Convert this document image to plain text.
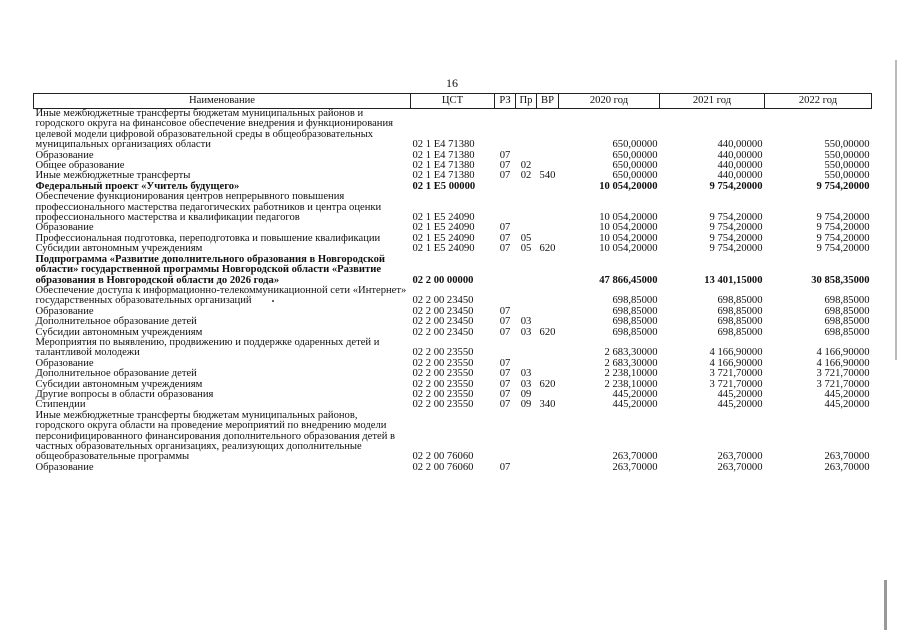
16
Наименование	ЦСТ	РЗ	Пр	ВР	2020 год	2021 год	2022 год
Иные межбюджетные трансферты бюджетам муниципальных районов и городского округа на финансовое обеспечение внедрения и функционирования целевой модели цифровой образовательной среды в общеобразовательных муниципальных организациях области	02 1 E4 71380				650,00000	440,00000	550,00000
Образование	02 1 E4 71380	07			650,00000	440,00000	550,00000
Общее образование	02 1 E4 71380	07	02		650,00000	440,00000	550,00000
Иные межбюджетные трансферты	02 1 E4 71380	07	02	540	650,00000	440,00000	550,00000
Федеральный проект «Учитель будущего»	02 1 E5 00000				10 054,20000	9 754,20000	9 754,20000
Обеспечение функционирования центров непрерывного повышения профессионального мастерства педагогических работников и центра оценки профессионального мастерства и квалификации педагогов	02 1 E5 24090				10 054,20000	9 754,20000	9 754,20000
Образование	02 1 E5 24090	07			10 054,20000	9 754,20000	9 754,20000
Профессиональная подготовка, переподготовка и повышение квалификации	02 1 E5 24090	07	05		10 054,20000	9 754,20000	9 754,20000
Субсидии автономным учреждениям	02 1 E5 24090	07	05	620	10 054,20000	9 754,20000	9 754,20000
Подпрограмма «Развитие дополнительного образования в Новгородской области» государственной программы Новгородской области «Развитие образования в Новгородской области до 2026 года»	02 2 00 00000				47 866,45000	13 401,15000	30 858,35000
Обеспечение доступа к информационно-телекоммуникационной сети «Интернет» государственных образовательных организаций	02 2 00 23450				698,85000	698,85000	698,85000
Образование	02 2 00 23450	07			698,85000	698,85000	698,85000
Дополнительное образование детей	02 2 00 23450	07	03		698,85000	698,85000	698,85000
Субсидии автономным учреждениям	02 2 00 23450	07	03	620	698,85000	698,85000	698,85000
Мероприятия по выявлению, продвижению и поддержке одаренных детей и талантливой молодежи	02 2 00 23550				2 683,30000	4 166,90000	4 166,90000
Образование	02 2 00 23550	07			2 683,30000	4 166,90000	4 166,90000
Дополнительное образование детей	02 2 00 23550	07	03		2 238,10000	3 721,70000	3 721,70000
Субсидии автономным учреждениям	02 2 00 23550	07	03	620	2 238,10000	3 721,70000	3 721,70000
Другие вопросы в области образования	02 2 00 23550	07	09		445,20000	445,20000	445,20000
Стипендии	02 2 00 23550	07	09	340	445,20000	445,20000	445,20000
Иные межбюджетные трансферты бюджетам муниципальных районов, городского округа области на проведение мероприятий по внедрению модели персонифицированного финансирования дополнительного образования детей в частных образовательных организациях, реализующих дополнительные общеобразовательные программы	02 2 00 76060				263,70000	263,70000	263,70000
Образование	02 2 00 76060	07			263,70000	263,70000	263,70000
